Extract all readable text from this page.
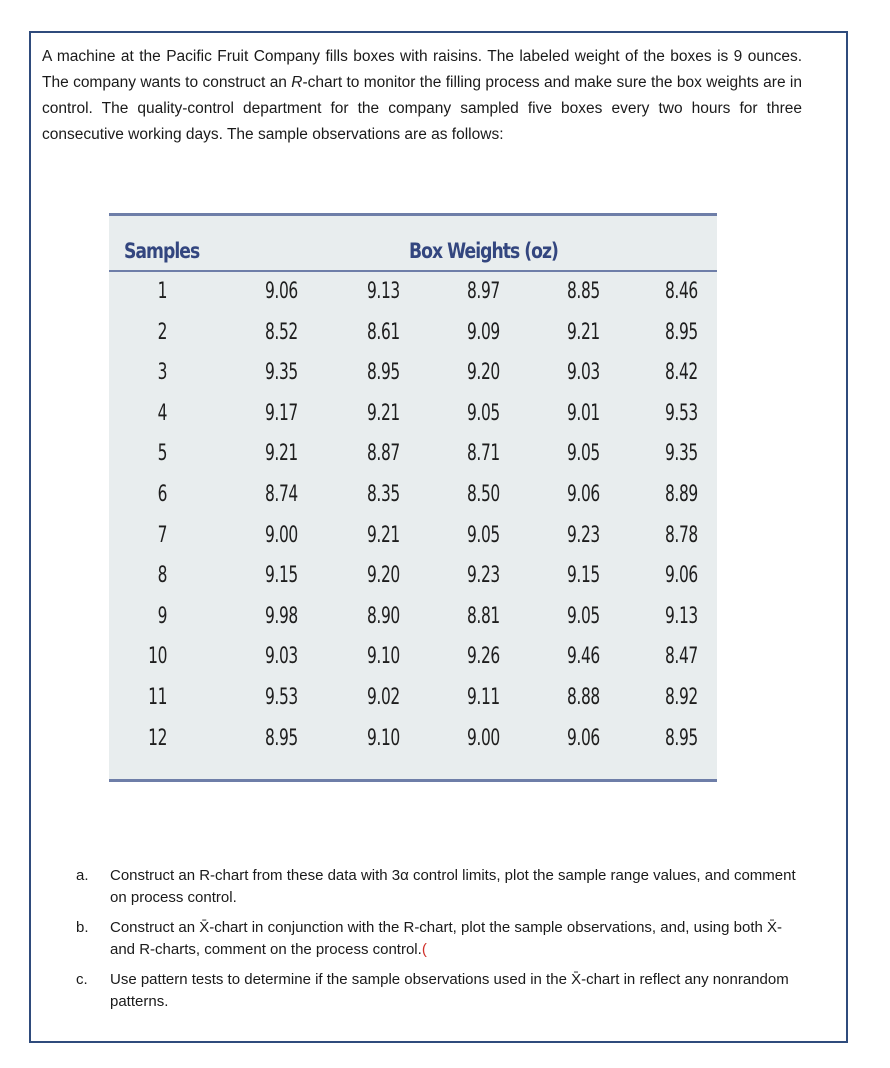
A machine at the Pacific Fruit Company fills boxes with raisins. The labeled weight of the boxes is 9 ounces. The company wants to construct an R-chart to monitor the filling process and make sure the box weights are in control. The quality-control department for the company sampled five boxes every two hours for three consecutive working days. The sample observations are as follows:

Samples	Box Weights (oz)
1	9.06	9.13	8.97	8.85	8.46
2	8.52	8.61	9.09	9.21	8.95
3	9.35	8.95	9.20	9.03	8.42
4	9.17	9.21	9.05	9.01	9.53
5	9.21	8.87	8.71	9.05	9.35
6	8.74	8.35	8.50	9.06	8.89
7	9.00	9.21	9.05	9.23	8.78
8	9.15	9.20	9.23	9.15	9.06
9	9.98	8.90	8.81	9.05	9.13
10	9.03	9.10	9.26	9.46	8.47
11	9.53	9.02	9.11	8.88	8.92
12	8.95	9.10	9.00	9.06	8.95
a. Construct an R-chart from these data with 3α control limits, plot the sample range values, and comment on process control.
b. Construct an X̄-chart in conjunction with the R-chart, plot the sample observations, and, using both X̄-and R-charts, comment on the process control.(
c. Use pattern tests to determine if the sample observations used in the X̄-chart in reflect any nonrandom patterns.
